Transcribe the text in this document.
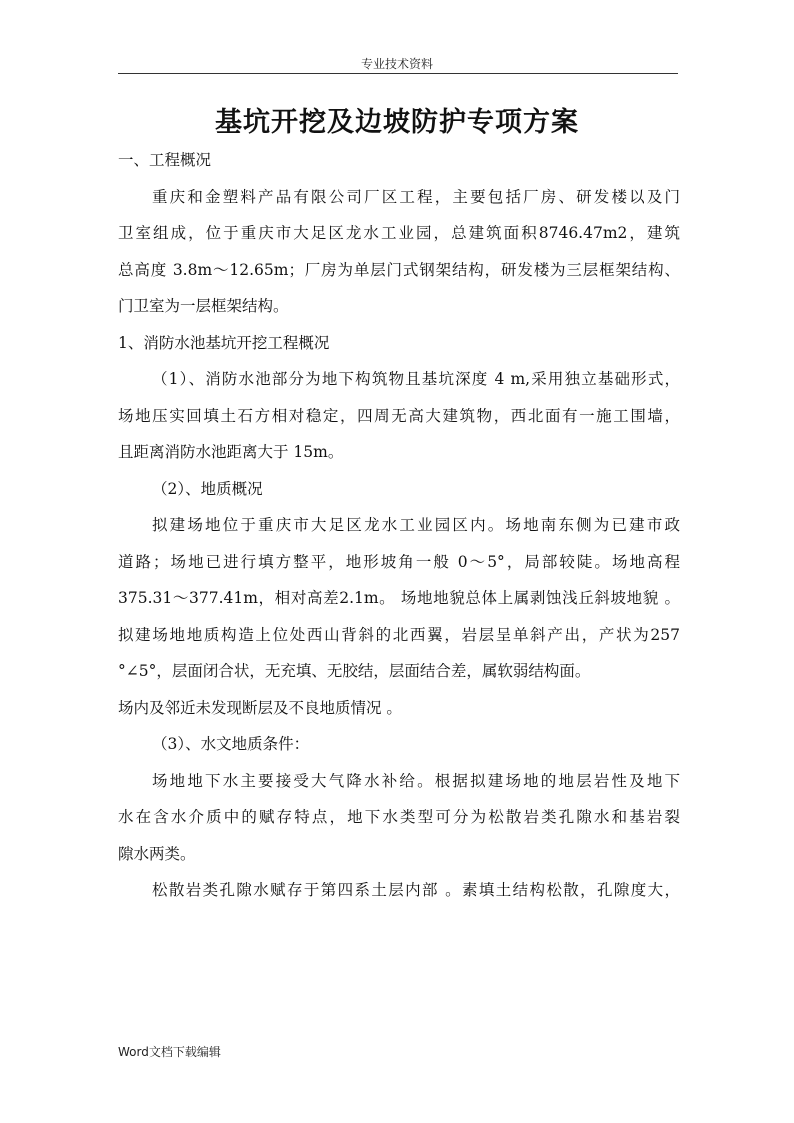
专业技术资料
基坑开挖及边坡防护专项方案
一、工程概况
重庆和金塑料产品有限公司厂区工程，主要包括厂房、研发楼以及门
卫室组成，位于重庆市大足区龙水工业园，总建筑面积8746.47m2，建筑
总高度 3.8m～12.65m；厂房为单层门式钢架结构，研发楼为三层框架结构、
门卫室为一层框架结构。
1、消防水池基坑开挖工程概况
（1）、消防水池部分为地下构筑物且基坑深度 4 m,采用独立基础形式，
场地压实回填土石方相对稳定，四周无高大建筑物，西北面有一施工围墙，
且距离消防水池距离大于 15m。
（2）、地质概况
拟建场地位于重庆市大足区龙水工业园区内。场地南东侧为已建市政
道路；场地已进行填方整平，地形坡角一般 0～5°，局部较陡。场地高程
375.31～377.41m，相对高差2.1m。 场地地貌总体上属剥蚀浅丘斜坡地貌 。
拟建场地地质构造上位处西山背斜的北西翼，岩层呈单斜产出，产状为257
°∠5°，层面闭合状，无充填、无胶结，层面结合差，属软弱结构面。
场内及邻近未发现断层及不良地质情况 。
（3）、水文地质条件：
场地地下水主要接受大气降水补给。根据拟建场地的地层岩性及地下
水在含水介质中的赋存特点，地下水类型可分为松散岩类孔隙水和基岩裂
隙水两类。
松散岩类孔隙水赋存于第四系土层内部 。素填土结构松散，孔隙度大，
Word文档下载编辑
